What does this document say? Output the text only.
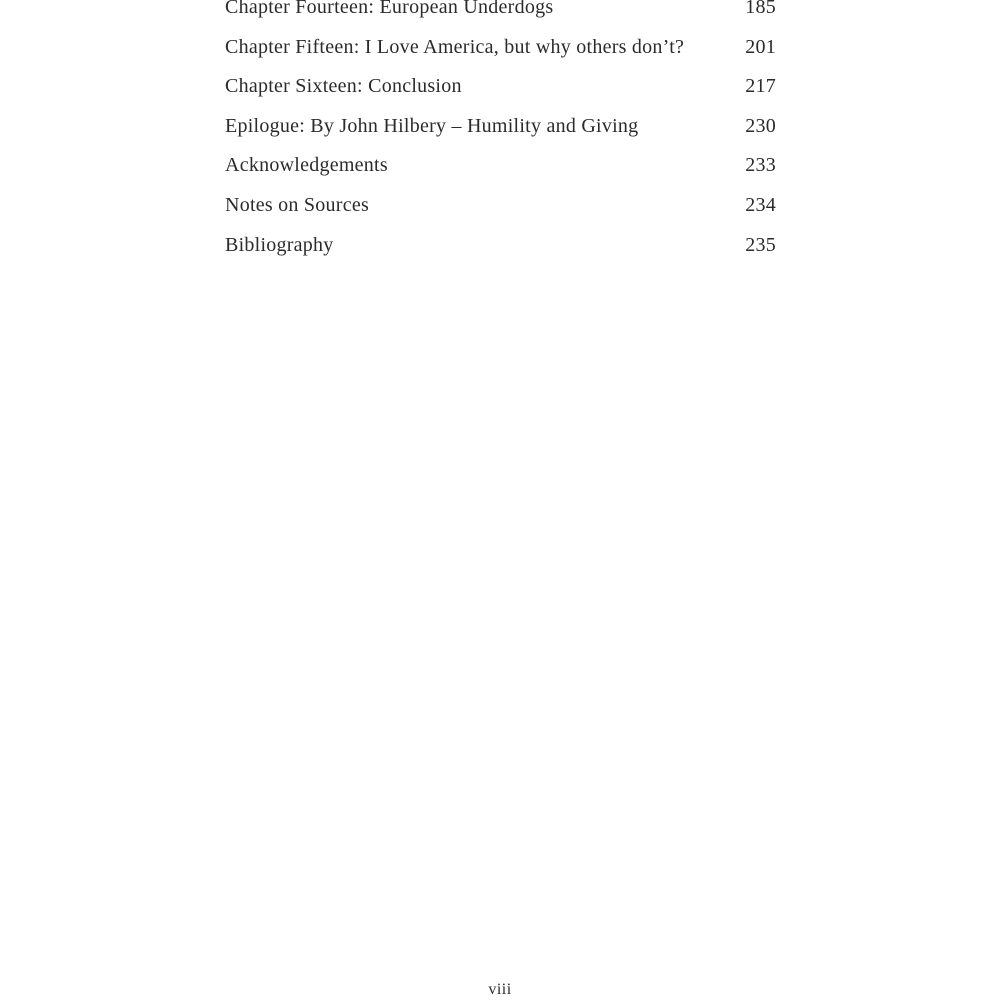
Chapter Fourteen: European Underdogs	185
Chapter Fifteen: I Love America, but why others don’t?	201
Chapter Sixteen: Conclusion	217
Epilogue: By John Hilbery – Humility and Giving	230
Acknowledgements	233
Notes on Sources	234
Bibliography	235
viii
